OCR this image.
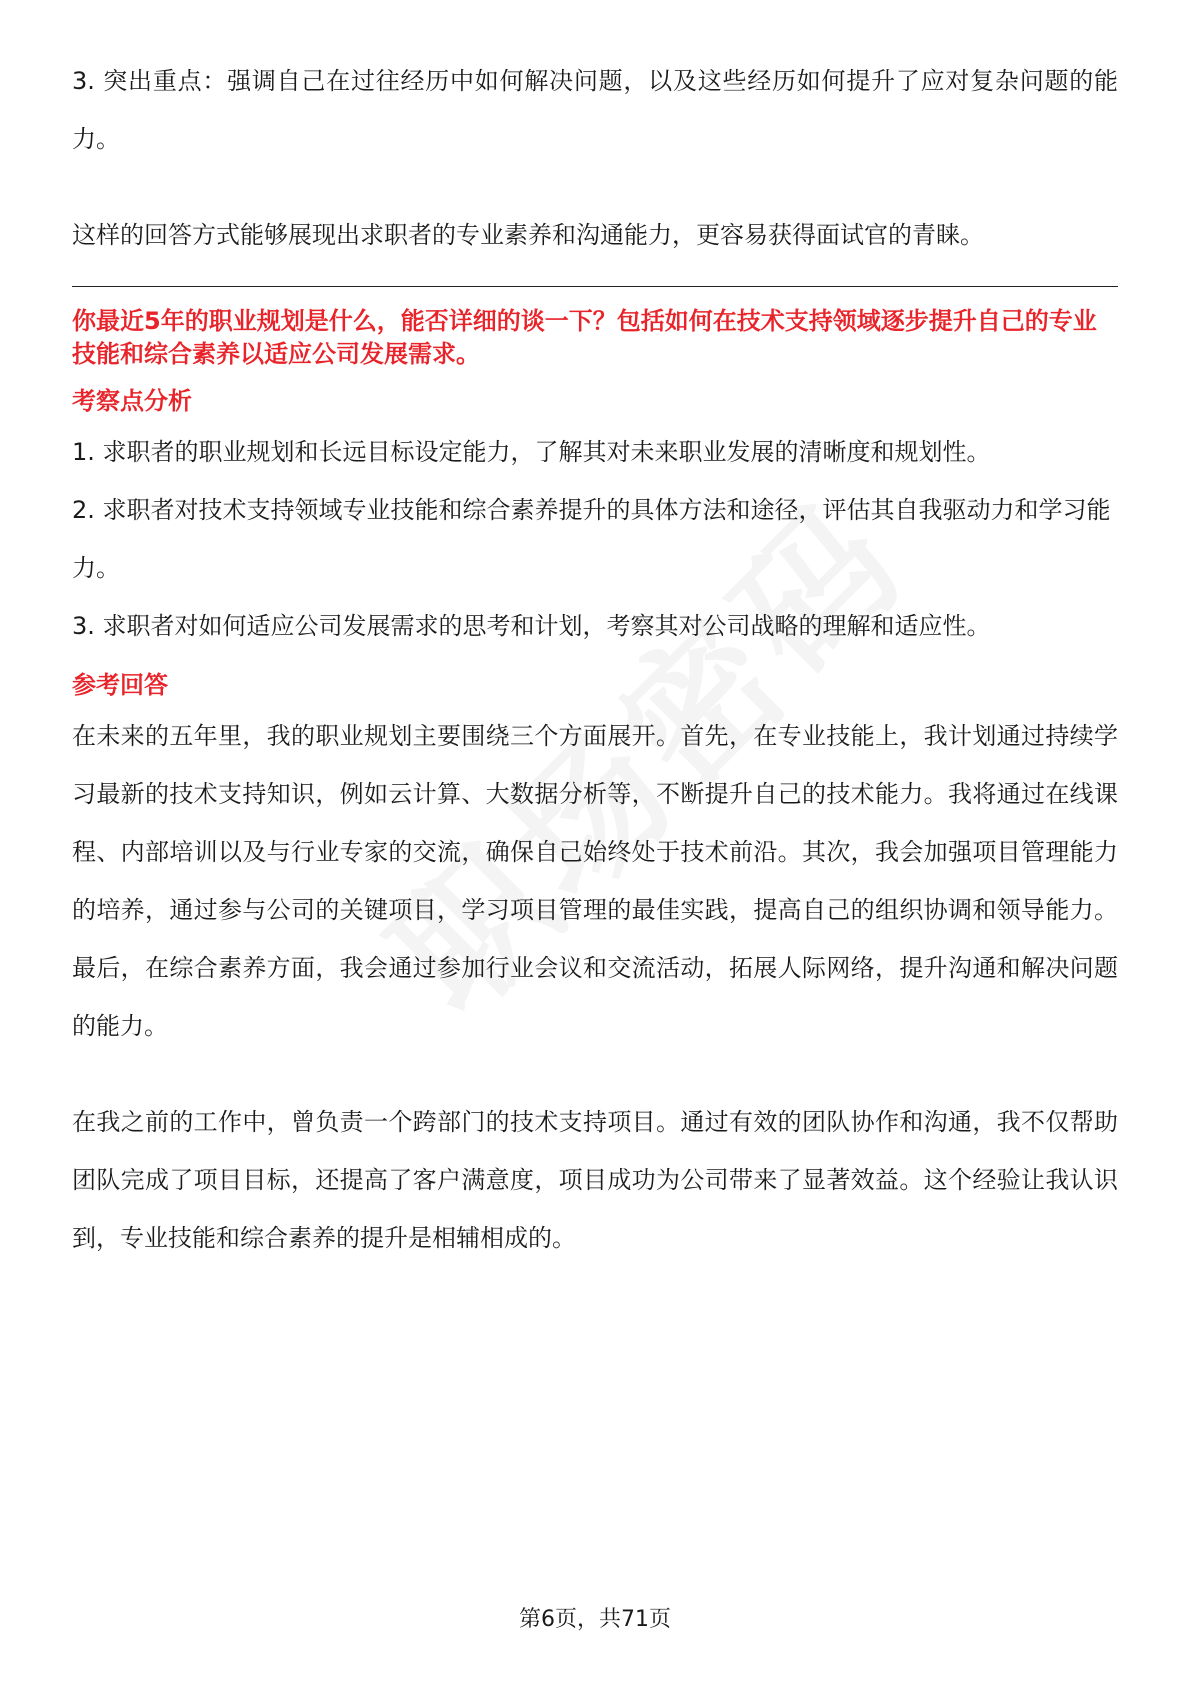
3. 突出重点：强调自己在过往经历中如何解决问题，以及这些经历如何提升了应对复杂问题的能力。

这样的回答方式能够展现出求职者的专业素养和沟通能力，更容易获得面试官的青睐。

你最近5年的职业规划是什么，能否详细的谈一下？包括如何在技术支持领域逐步提升自己的专业技能和综合素养以适应公司发展需求。

考察点分析

1. 求职者的职业规划和长远目标设定能力，了解其对未来职业发展的清晰度和规划性。

2. 求职者对技术支持领域专业技能和综合素养提升的具体方法和途径，评估其自我驱动力和学习能力。

3. 求职者对如何适应公司发展需求的思考和计划，考察其对公司战略的理解和适应性。

参考回答

在未来的五年里，我的职业规划主要围绕三个方面展开。首先，在专业技能上，我计划通过持续学习最新的技术支持知识，例如云计算、大数据分析等，不断提升自己的技术能力。我将通过在线课程、内部培训以及与行业专家的交流，确保自己始终处于技术前沿。其次，我会加强项目管理能力的培养，通过参与公司的关键项目，学习项目管理的最佳实践，提高自己的组织协调和领导能力。最后，在综合素养方面，我会通过参加行业会议和交流活动，拓展人际网络，提升沟通和解决问题的能力。

在我之前的工作中，曾负责一个跨部门的技术支持项目。通过有效的团队协作和沟通，我不仅帮助团队完成了项目目标，还提高了客户满意度，项目成功为公司带来了显著效益。这个经验让我认识到，专业技能和综合素养的提升是相辅相成的。

第6页，共71页
